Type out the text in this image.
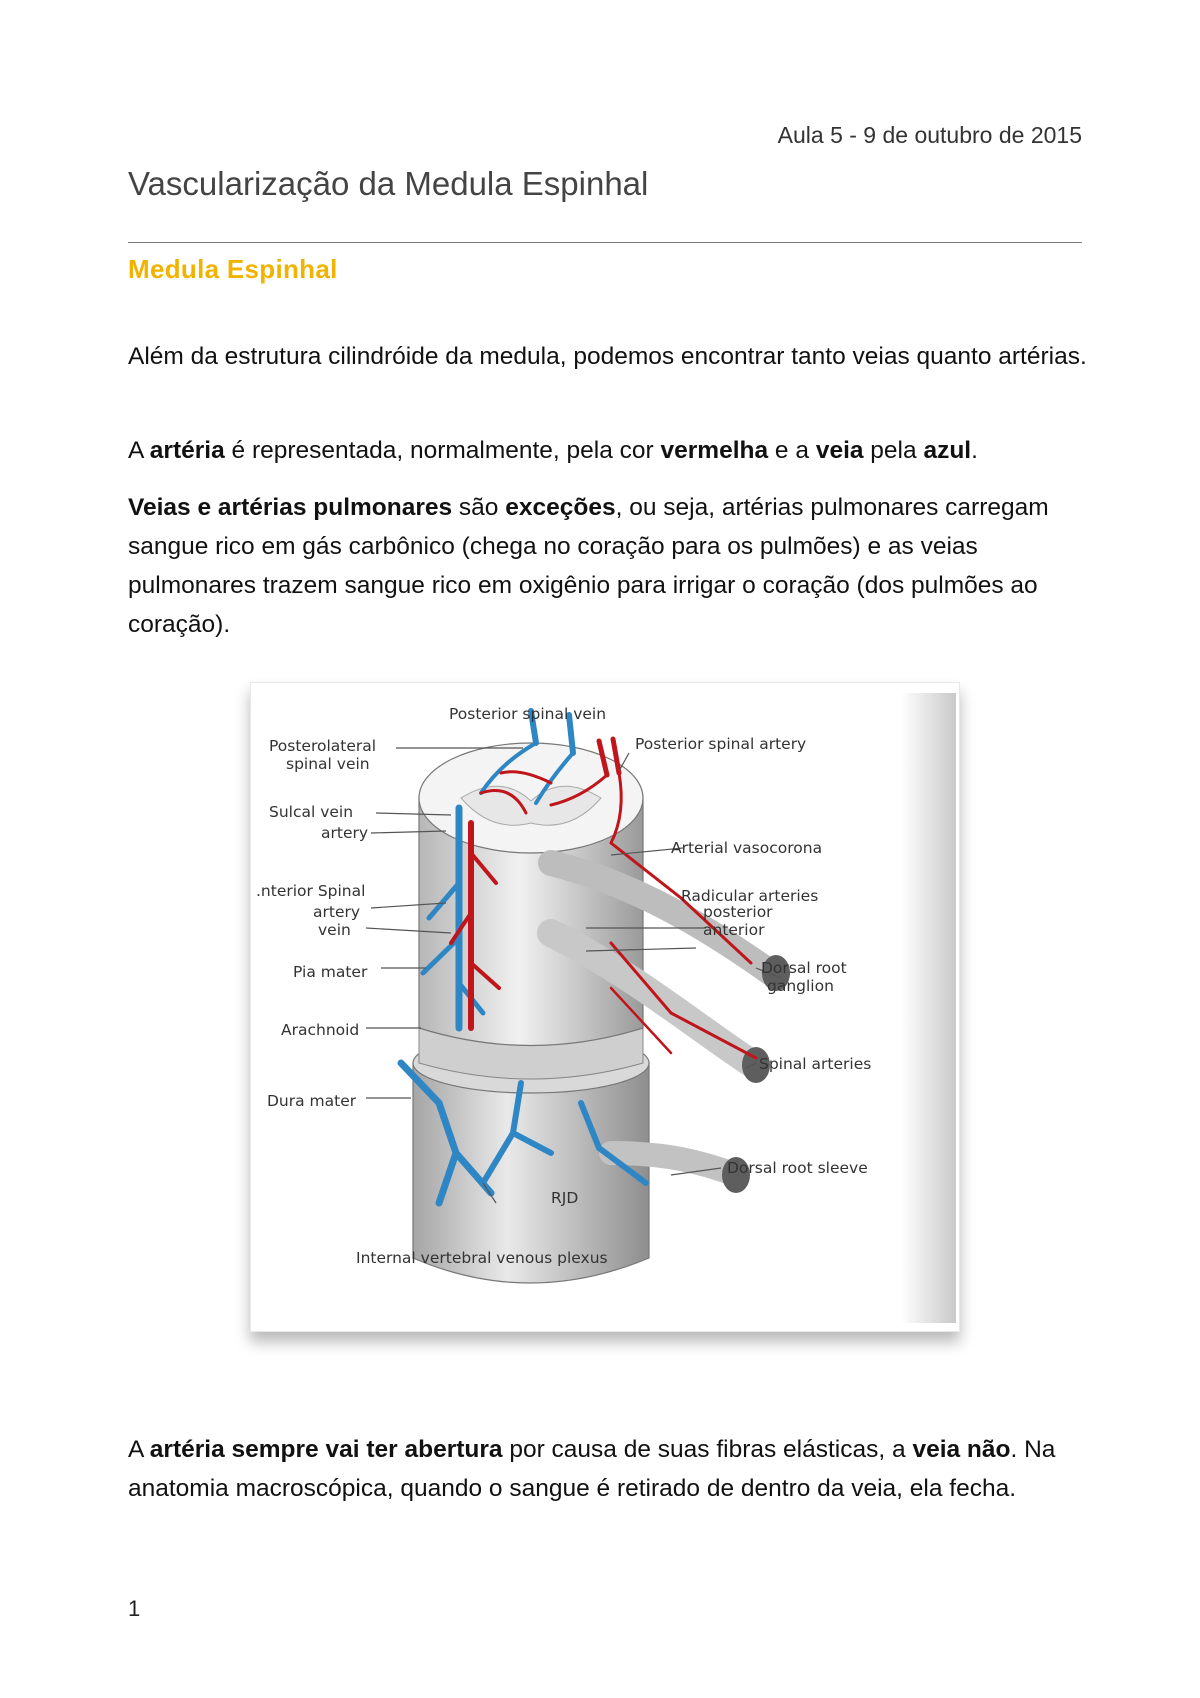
Aula 5 - 9 de outubro de 2015
Vascularização da Medula Espinhal
Medula Espinhal

Além da estrutura cilindróide da medula, podemos encontrar tanto veias quanto artérias.

A artéria é representada, normalmente, pela cor vermelha e a veia pela azul.

Veias e artérias pulmonares são exceções, ou seja, artérias pulmonares carregam sangue rico em gás carbônico (chega no coração para os pulmões) e as veias pulmonares trazem sangue rico em oxigênio para irrigar o coração (dos pulmões ao coração).

Posterior spinal vein
Posterolateral
spinal vein
Posterior spinal artery
Sulcal vein
artery
Arterial vasocorona
.nterior Spinal
artery
vein
Radicular arteries
posterior
anterior
Pia mater	Dorsal root
ganglion
Arachnoid
Spinal arteries
Dura mater
Dorsal root sleeve
Internal vertebral venous plexus
RJD

A artéria sempre vai ter abertura por causa de suas fibras elásticas, a veia não. Na anatomia macroscópica, quando o sangue é retirado de dentro da veia, ela fecha.

1
